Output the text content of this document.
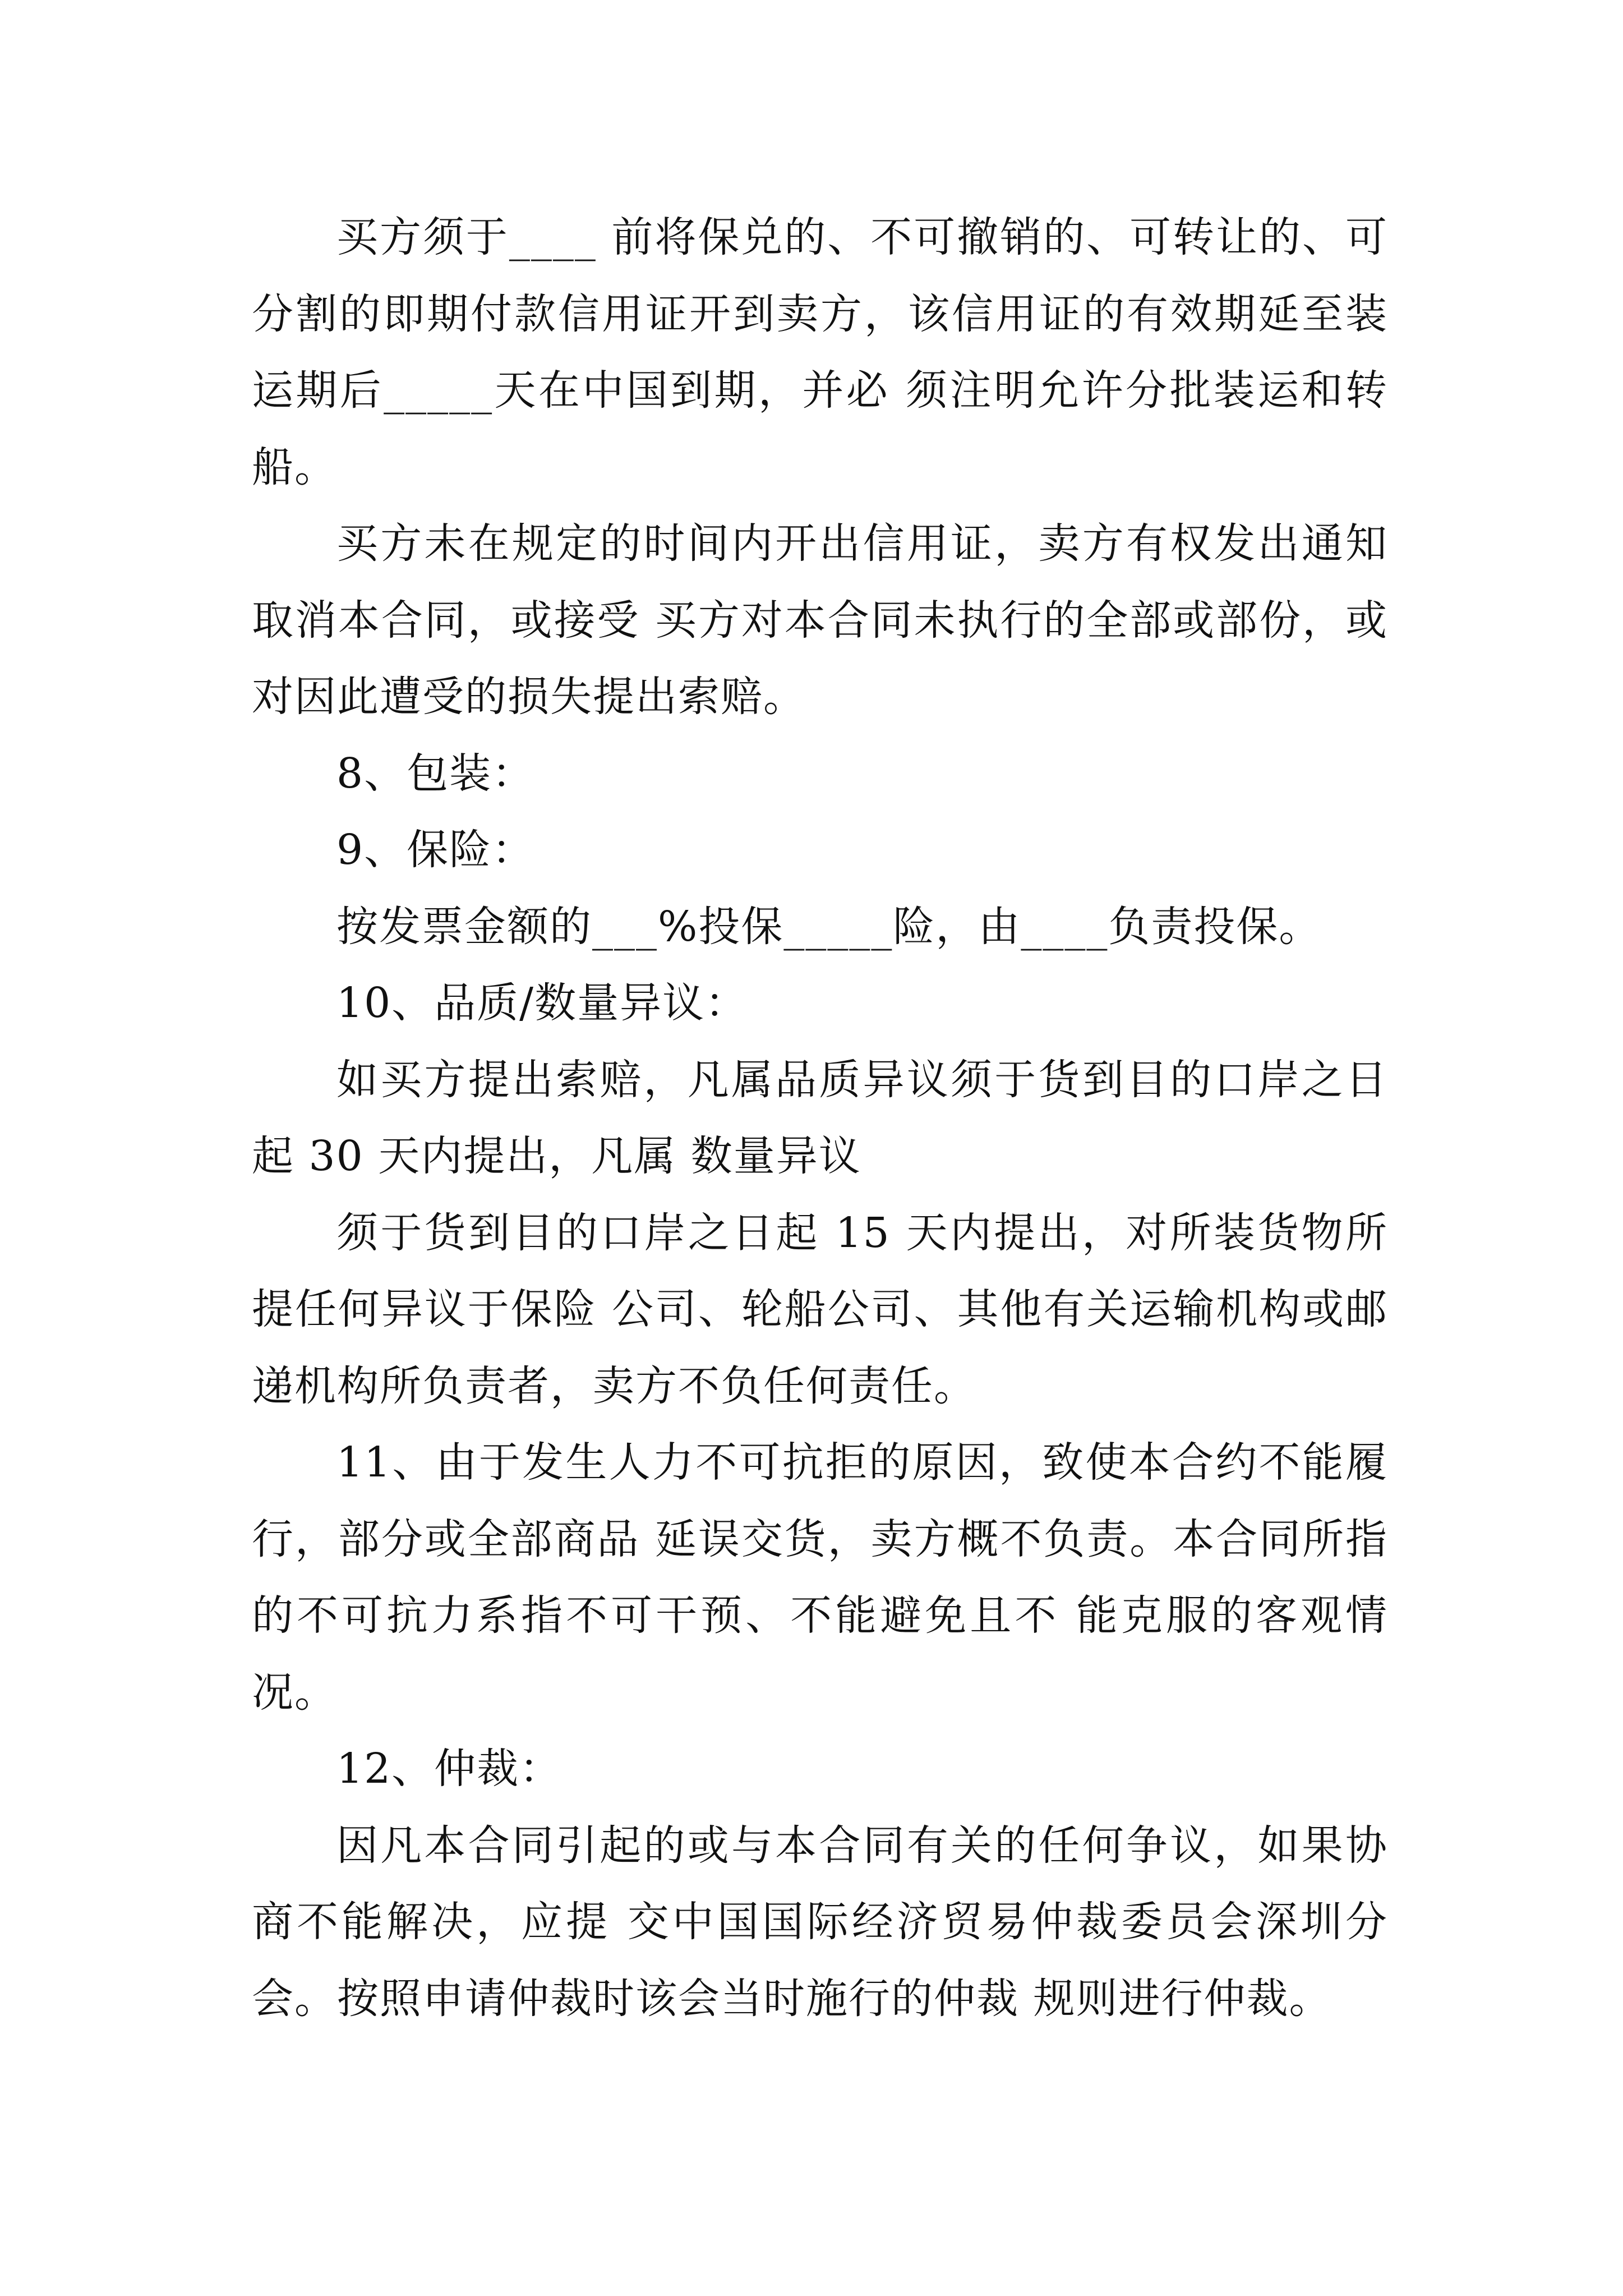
买方须于____ 前将保兑的、不可撤销的、可转让的、可分割的即期付款信用证开到卖方，该信用证的有效期延至装运期后_____天在中国到期，并必 须注明允许分批装运和转船。

买方未在规定的时间内开出信用证，卖方有权发出通知取消本合同，或接受 买方对本合同未执行的全部或部份，或对因此遭受的损失提出索赔。

8、包装：

9、保险：

按发票金额的___%投保_____险，由____负责投保。

10、品质/数量异议：

如买方提出索赔，凡属品质异议须于货到目的口岸之日起 30 天内提出，凡属 数量异议

须于货到目的口岸之日起 15 天内提出，对所装货物所提任何异议于保险 公司、轮船公司、其他有关运输机构或邮递机构所负责者，卖方不负任何责任。

11、由于发生人力不可抗拒的原因，致使本合约不能履行，部分或全部商品 延误交货，卖方概不负责。本合同所指的不可抗力系指不可干预、不能避免且不 能克服的客观情况。

12、仲裁：

因凡本合同引起的或与本合同有关的任何争议，如果协商不能解决，应提 交中国国际经济贸易仲裁委员会深圳分会。按照申请仲裁时该会当时施行的仲裁 规则进行仲裁。
